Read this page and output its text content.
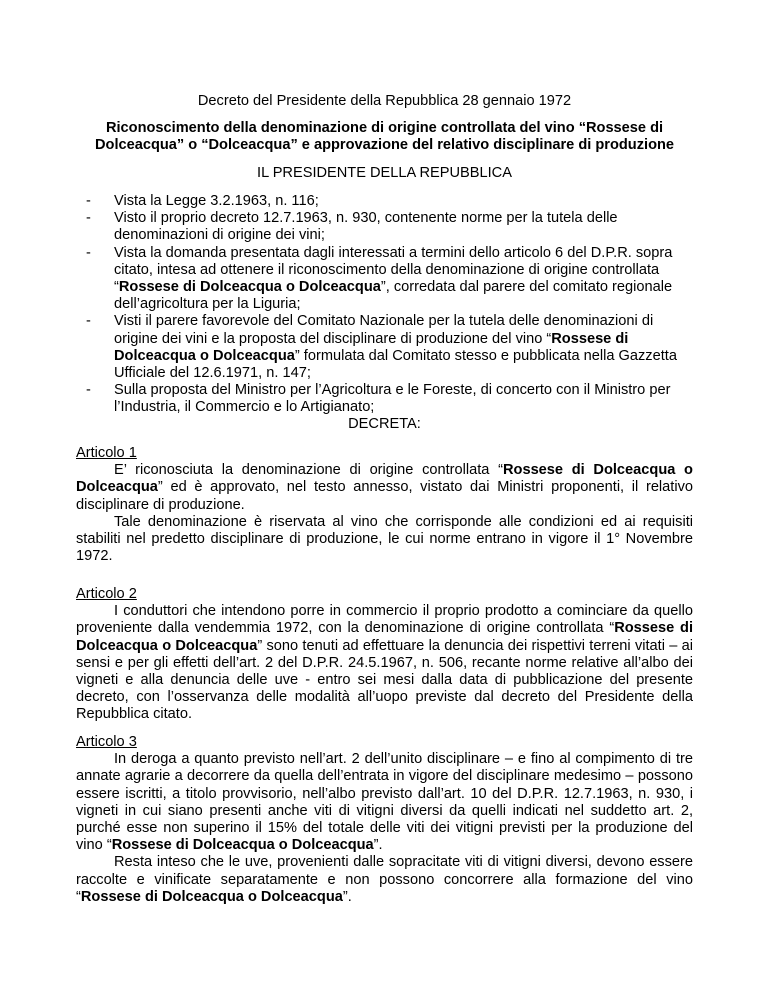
Decreto del Presidente della Repubblica 28 gennaio 1972
Riconoscimento della denominazione di origine controllata del vino “Rossese di Dolceacqua” o “Dolceacqua” e approvazione del relativo disciplinare di produzione
IL PRESIDENTE DELLA REPUBBLICA
- Vista la Legge 3.2.1963, n. 116;
- Visto il proprio decreto 12.7.1963, n. 930, contenente norme per la tutela delle denominazioni di origine dei vini;
- Vista la domanda presentata dagli interessati a termini dello articolo 6 del D.P.R. sopra citato, intesa ad ottenere il riconoscimento della denominazione di origine controllata “Rossese di Dolceacqua o Dolceacqua”, corredata dal parere del comitato regionale dell’agricoltura per la Liguria;
- Visti il parere favorevole del Comitato Nazionale per la tutela delle denominazioni di origine dei vini e la proposta del disciplinare di produzione del vino “Rossese di Dolceacqua o Dolceacqua” formulata dal Comitato stesso e pubblicata nella Gazzetta Ufficiale del 12.6.1971, n. 147;
- Sulla proposta del Ministro per l’Agricoltura e le Foreste, di concerto con il Ministro per l’Industria, il Commercio e lo Artigianato;
DECRETA:
Articolo 1

E’ riconosciuta la denominazione di origine controllata “Rossese di Dolceacqua o Dolceacqua” ed è approvato, nel testo annesso, vistato dai Ministri proponenti, il relativo disciplinare di produzione.

Tale denominazione è riservata al vino che corrisponde alle condizioni ed ai requisiti stabiliti nel predetto disciplinare di produzione, le cui norme entrano in vigore il 1° Novembre 1972.

Articolo 2

I conduttori che intendono porre in commercio il proprio prodotto a cominciare da quello proveniente dalla vendemmia 1972, con la denominazione di origine controllata “Rossese di Dolceacqua o Dolceacqua” sono tenuti ad effettuare la denuncia dei rispettivi terreni vitati – ai sensi e per gli effetti dell’art. 2 del D.P.R. 24.5.1967, n. 506, recante norme relative all’albo dei vigneti e alla denuncia delle uve - entro sei mesi dalla data di pubblicazione del presente decreto, con l’osservanza delle modalità all’uopo previste dal decreto del Presidente della Repubblica citato.

Articolo 3

In deroga a quanto previsto nell’art. 2 dell’unito disciplinare – e fino al compimento di tre annate agrarie a decorrere da quella dell’entrata in vigore del disciplinare medesimo – possono essere iscritti, a titolo provvisorio, nell’albo previsto dall’art. 10 del D.P.R. 12.7.1963, n. 930, i vigneti in cui siano presenti anche viti di vitigni diversi da quelli indicati nel suddetto art. 2, purché esse non superino il 15% del totale delle viti dei vitigni previsti per la produzione del vino “Rossese di Dolceacqua o Dolceacqua”.

Resta inteso che le uve, provenienti dalle sopracitate viti di vitigni diversi, devono essere raccolte e vinificate separatamente e non possono concorrere alla formazione del vino “Rossese di Dolceacqua o Dolceacqua”.
